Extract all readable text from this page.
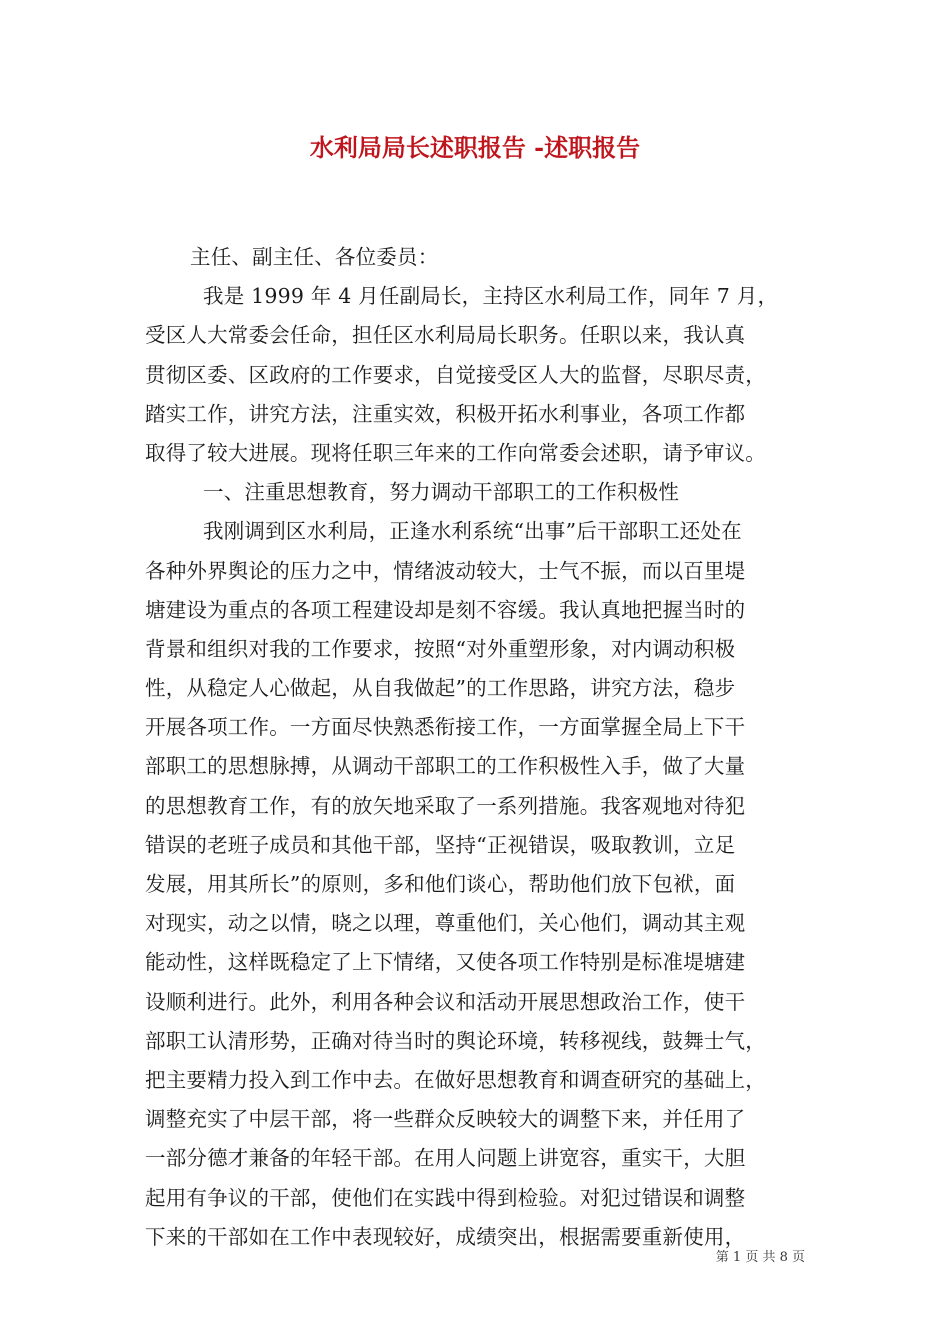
水利局局长述职报告 -述职报告
主任、副主任、各位委员：
我是 1999 年 4 月任副局长，主持区水利局工作，同年 7 月，
受区人大常委会任命，担任区水利局局长职务。任职以来，我认真
贯彻区委、区政府的工作要求，自觉接受区人大的监督，尽职尽责，
踏实工作，讲究方法，注重实效，积极开拓水利事业，各项工作都
取得了较大进展。现将任职三年来的工作向常委会述职，请予审议。
一、注重思想教育，努力调动干部职工的工作积极性
我刚调到区水利局，正逢水利系统“出事”后干部职工还处在
各种外界舆论的压力之中，情绪波动较大，士气不振，而以百里堤
塘建设为重点的各项工程建设却是刻不容缓。我认真地把握当时的
背景和组织对我的工作要求，按照“对外重塑形象，对内调动积极
性，从稳定人心做起，从自我做起”的工作思路，讲究方法，稳步
开展各项工作。一方面尽快熟悉衔接工作，一方面掌握全局上下干
部职工的思想脉搏，从调动干部职工的工作积极性入手，做了大量
的思想教育工作，有的放矢地采取了一系列措施。我客观地对待犯
错误的老班子成员和其他干部，坚持“正视错误，吸取教训，立足
发展，用其所长”的原则，多和他们谈心，帮助他们放下包袱，面
对现实，动之以情，晓之以理，尊重他们，关心他们，调动其主观
能动性，这样既稳定了上下情绪，又使各项工作特别是标准堤塘建
设顺利进行。此外，利用各种会议和活动开展思想政治工作，使干
部职工认清形势，正确对待当时的舆论环境，转移视线，鼓舞士气，
把主要精力投入到工作中去。在做好思想教育和调查研究的基础上，
调整充实了中层干部，将一些群众反映较大的调整下来，并任用了
一部分德才兼备的年轻干部。在用人问题上讲宽容，重实干，大胆
起用有争议的干部，使他们在实践中得到检验。对犯过错误和调整
下来的干部如在工作中表现较好，成绩突出，根据需要重新使用，
第 1 页 共 8 页
